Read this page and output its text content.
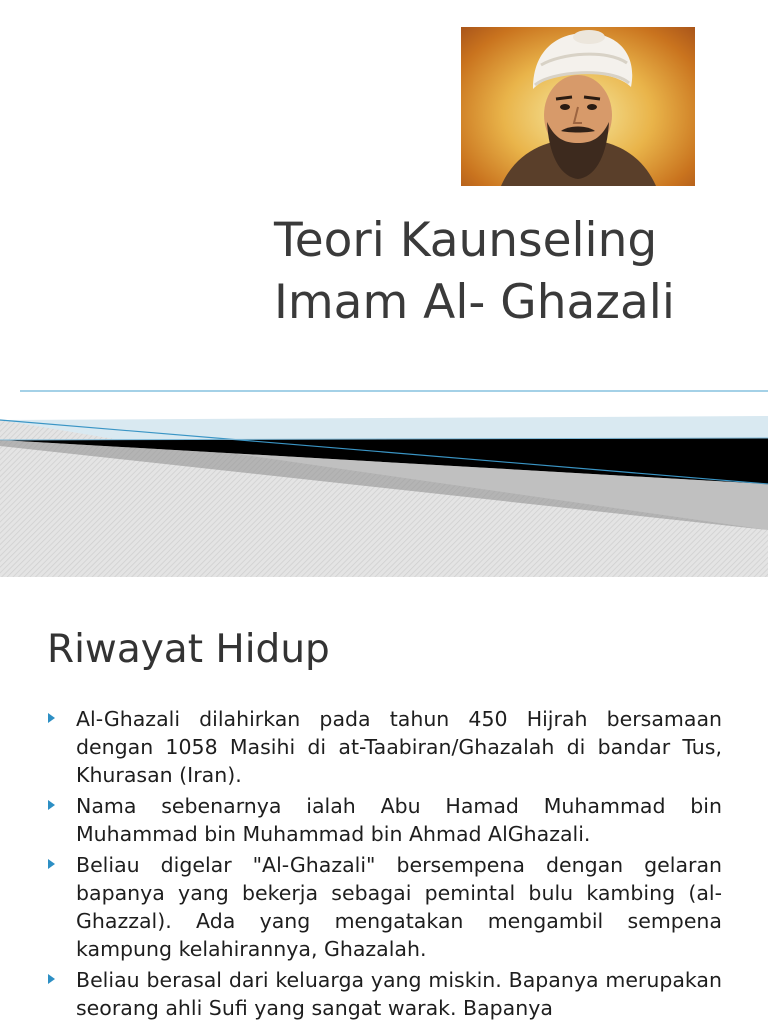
Teori Kaunseling
Imam Al- Ghazali
Riwayat Hidup
Al-Ghazali dilahirkan pada tahun 450 Hijrah bersamaan dengan 1058 Masihi di at-Taabiran/Ghazalah di bandar Tus, Khurasan (Iran).
Nama sebenarnya ialah Abu Hamad Muhammad bin Muhammad bin Muhammad bin Ahmad AlGhazali.
Beliau digelar "Al-Ghazali" bersempena dengan gelaran bapanya yang bekerja sebagai pemintal bulu kambing (al-Ghazzal). Ada yang mengatakan mengambil sempena kampung kelahirannya, Ghazalah.
Beliau berasal dari keluarga yang miskin. Bapanya merupakan seorang ahli Sufi yang sangat warak. Bapanya
